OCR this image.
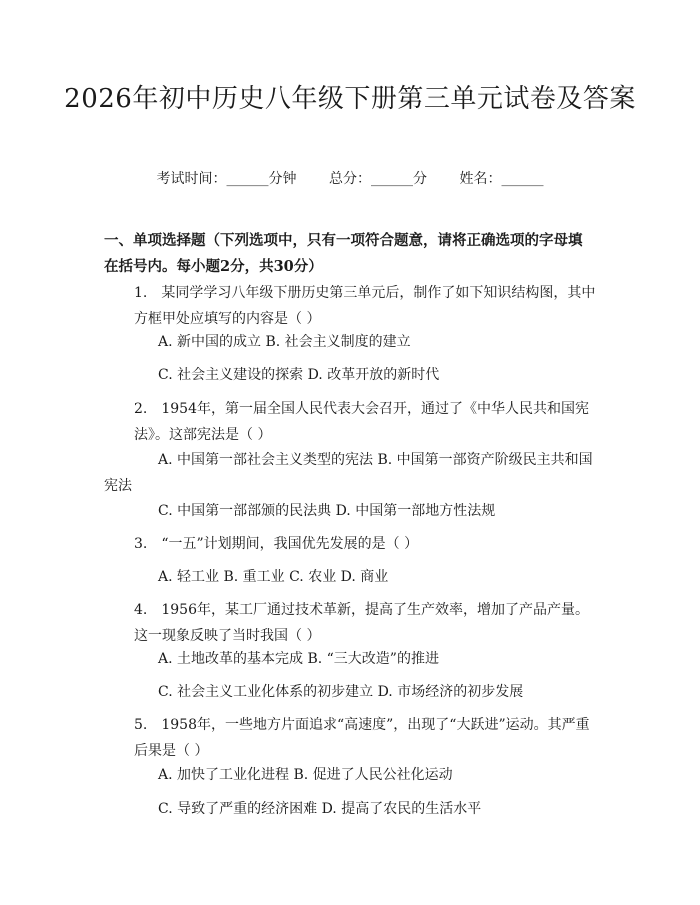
2026年初中历史八年级下册第三单元试卷及答案
考试时间：______分钟 总分：______分 姓名：______
一、单项选择题（下列选项中，只有一项符合题意，请将正确选项的字母填在括号内。每小题2分，共30分）
1.　某同学学习八年级下册历史第三单元后，制作了如下知识结构图，其中方框甲处应填写的内容是（ ）
A. 新中国的成立 B. 社会主义制度的建立
C. 社会主义建设的探索 D. 改革开放的新时代
2.　1954年，第一届全国人民代表大会召开，通过了《中华人民共和国宪法》。这部宪法是（ ）
A. 中国第一部社会主义类型的宪法 B. 中国第一部资产阶级民主共和国宪法
C. 中国第一部部颁的民法典 D. 中国第一部地方性法规
3.　“一五”计划期间，我国优先发展的是（ ）
A. 轻工业 B. 重工业 C. 农业 D. 商业
4.　1956年，某工厂通过技术革新，提高了生产效率，增加了产品产量。这一现象反映了当时我国（ ）
A. 土地改革的基本完成 B. “三大改造”的推进
C. 社会主义工业化体系的初步建立 D. 市场经济的初步发展
5.　1958年，一些地方片面追求“高速度”，出现了“大跃进”运动。其严重后果是（ ）
A. 加快了工业化进程 B. 促进了人民公社化运动
C. 导致了严重的经济困难 D. 提高了农民的生活水平
